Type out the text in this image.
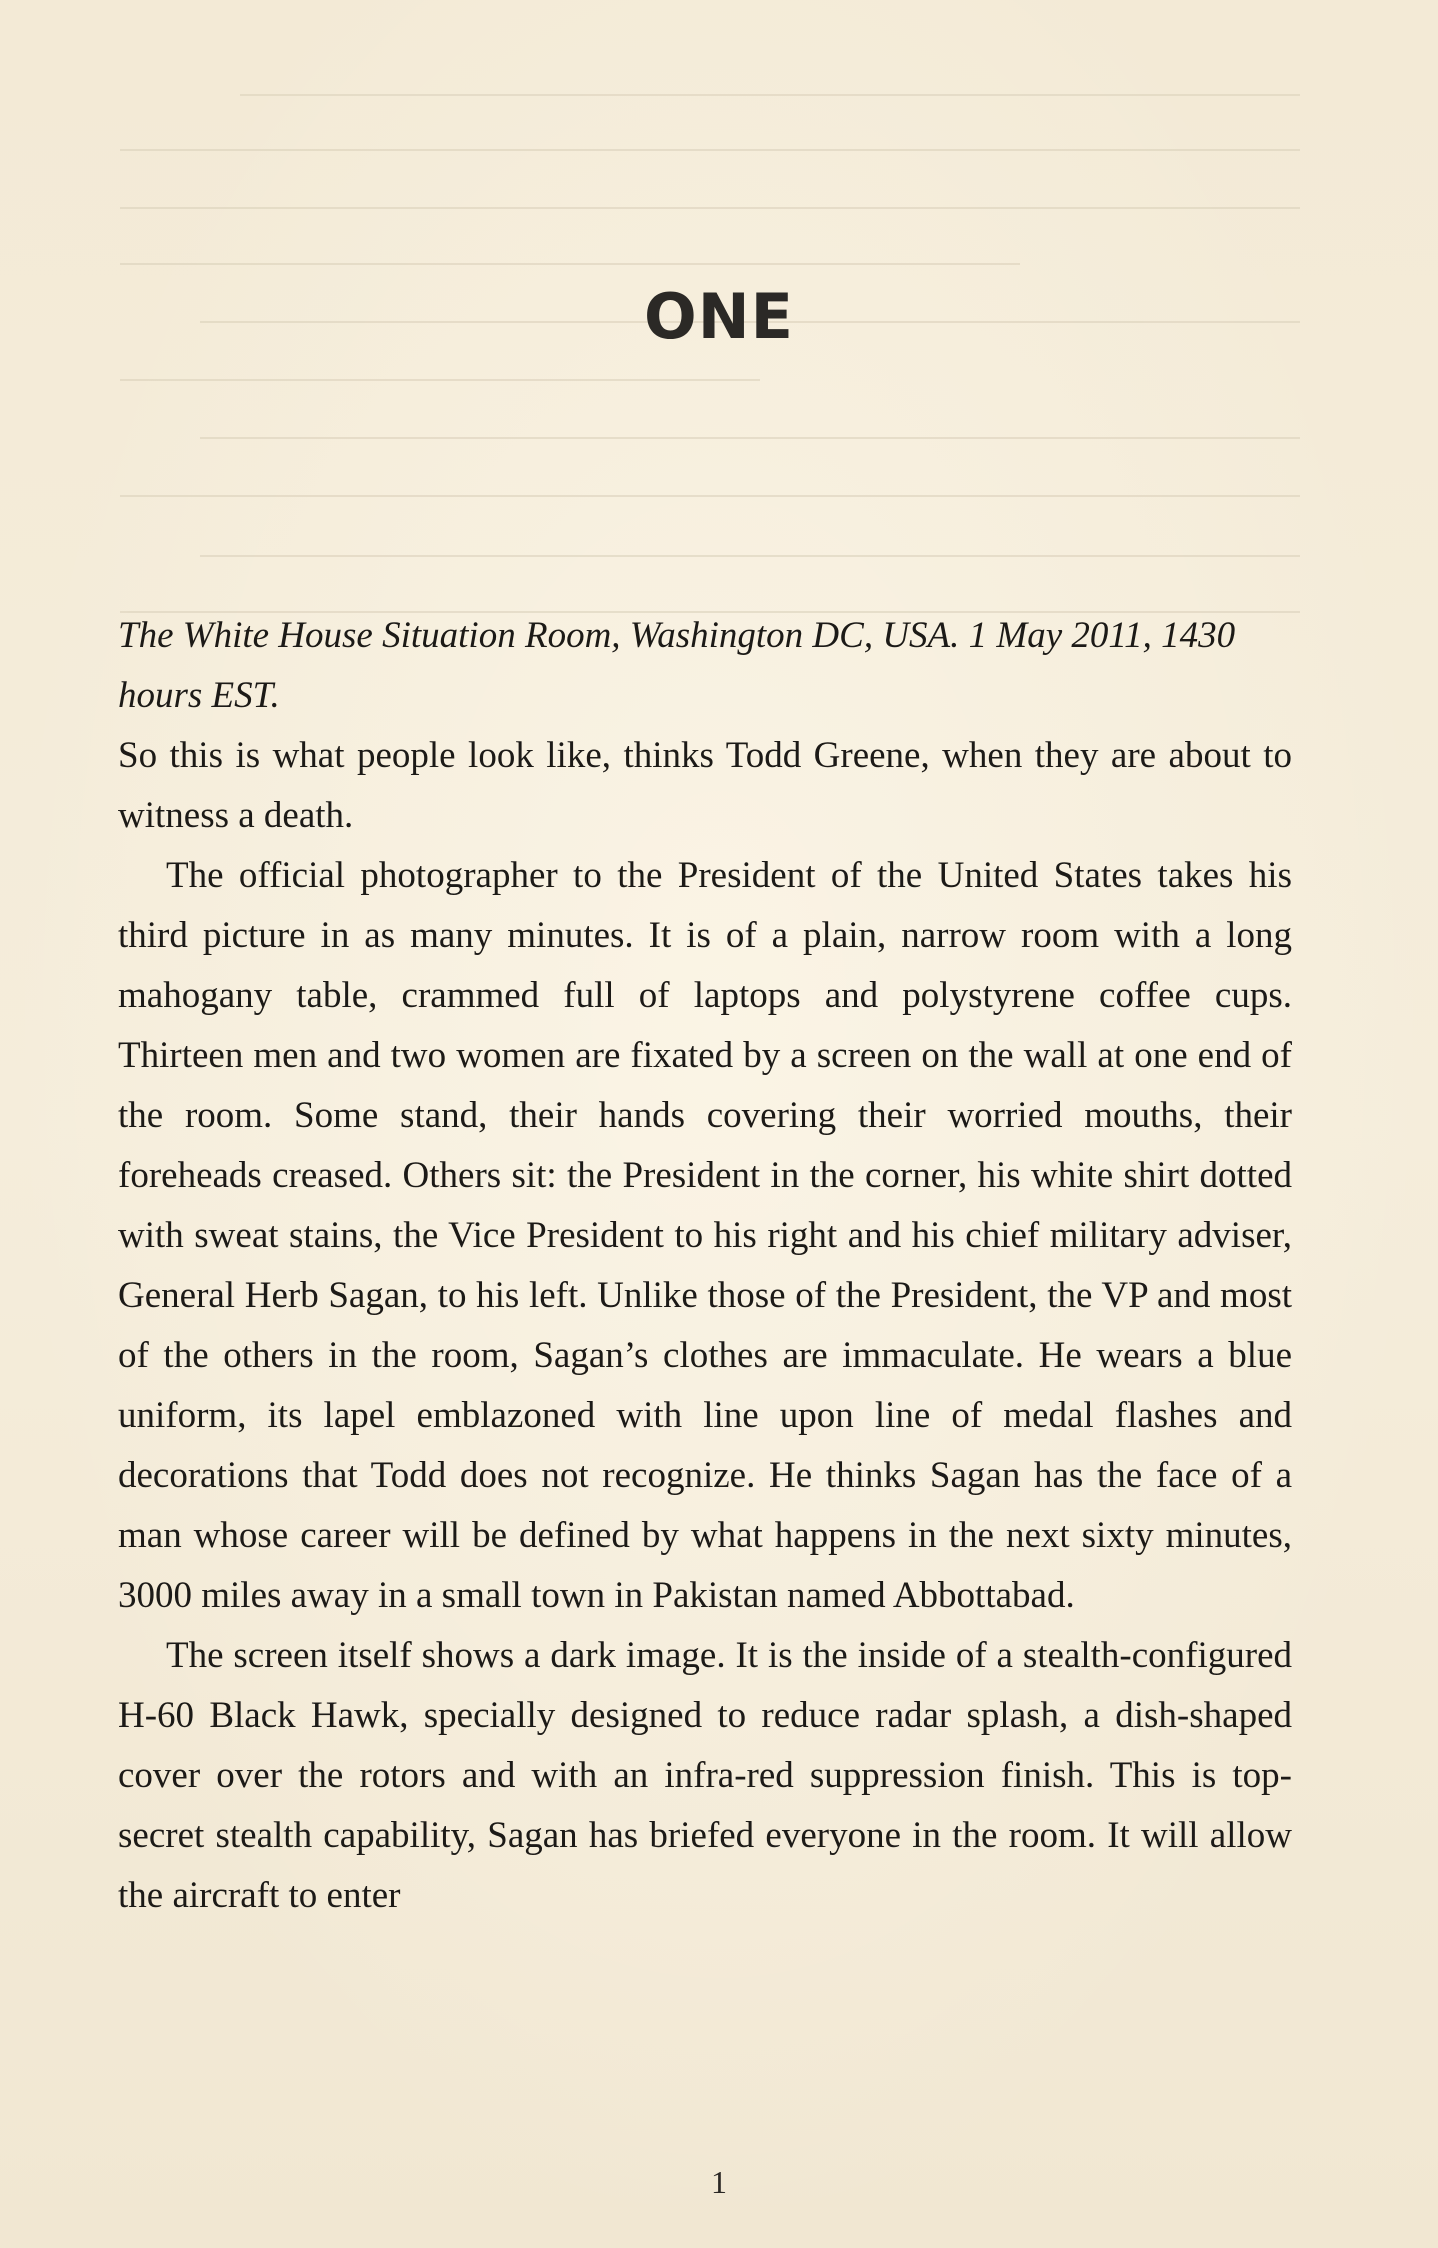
ONE

The White House Situation Room, Washington DC, USA. 1 May 2011, 1430 hours EST.

So this is what people look like, thinks Todd Greene, when they are about to witness a death.

The official photographer to the President of the United States takes his third picture in as many minutes. It is of a plain, narrow room with a long mahogany table, crammed full of laptops and polystyrene coffee cups. Thirteen men and two women are fixated by a screen on the wall at one end of the room. Some stand, their hands covering their worried mouths, their foreheads creased. Others sit: the President in the corner, his white shirt dotted with sweat stains, the Vice President to his right and his chief military adviser, General Herb Sagan, to his left. Unlike those of the President, the VP and most of the others in the room, Sagan’s clothes are immaculate. He wears a blue uniform, its lapel emblazoned with line upon line of medal flashes and decorations that Todd does not recognize. He thinks Sagan has the face of a man whose career will be defined by what happens in the next sixty minutes, 3000 miles away in a small town in Pakistan named Abbottabad.

The screen itself shows a dark image. It is the inside of a stealth-configured H-60 Black Hawk, specially designed to reduce radar splash, a dish-shaped cover over the rotors and with an infra-red suppression finish. This is top-secret stealth capability, Sagan has briefed everyone in the room. It will allow the aircraft to enter

1
